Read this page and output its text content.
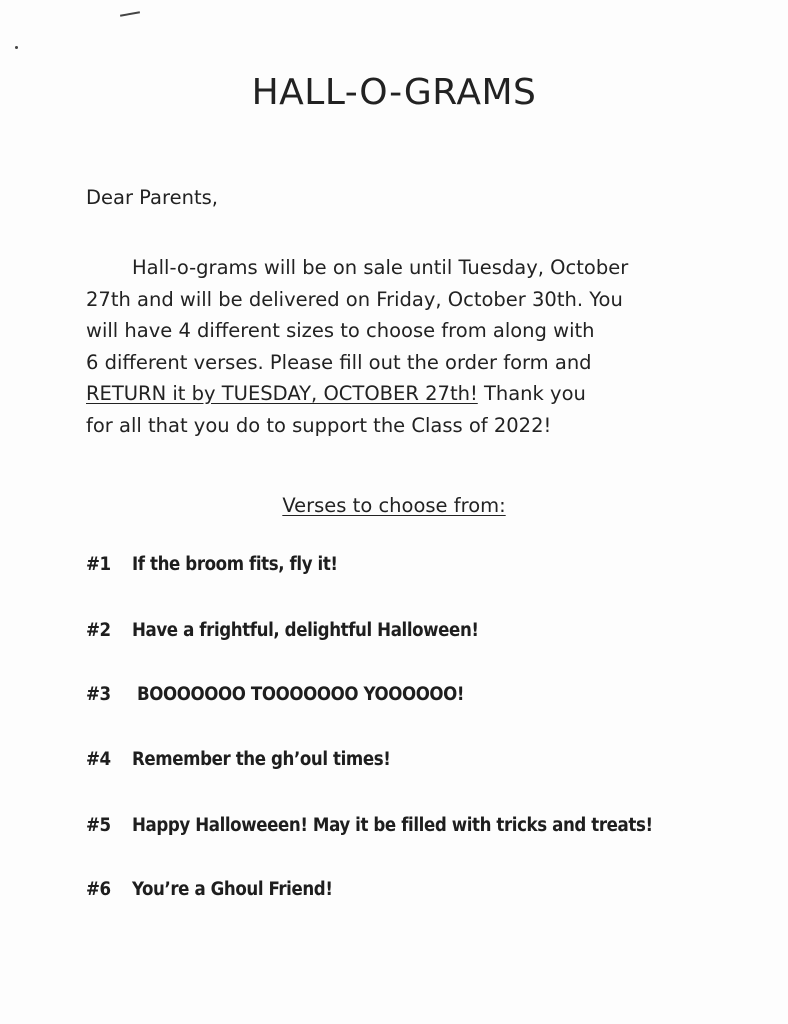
HALL-O-GRAMS
Dear Parents,
Hall-o-grams will be on sale until Tuesday, October
27th and will be delivered on Friday, October 30th. You
will have 4 different sizes to choose from along with
6 different verses. Please fill out the order form and
RETURN it by TUESDAY, OCTOBER 27th! Thank you
for all that you do to support the Class of 2022!
Verses to choose from:
#1 If the broom fits, fly it!
#2 Have a frightful, delightful Halloween!
#3 BOOOOOOO TOOOOOOO YOOOOOO!
#4 Remember the gh’oul times!
#5 Happy Halloweeen! May it be filled with tricks and treats!
#6 You’re a Ghoul Friend!
